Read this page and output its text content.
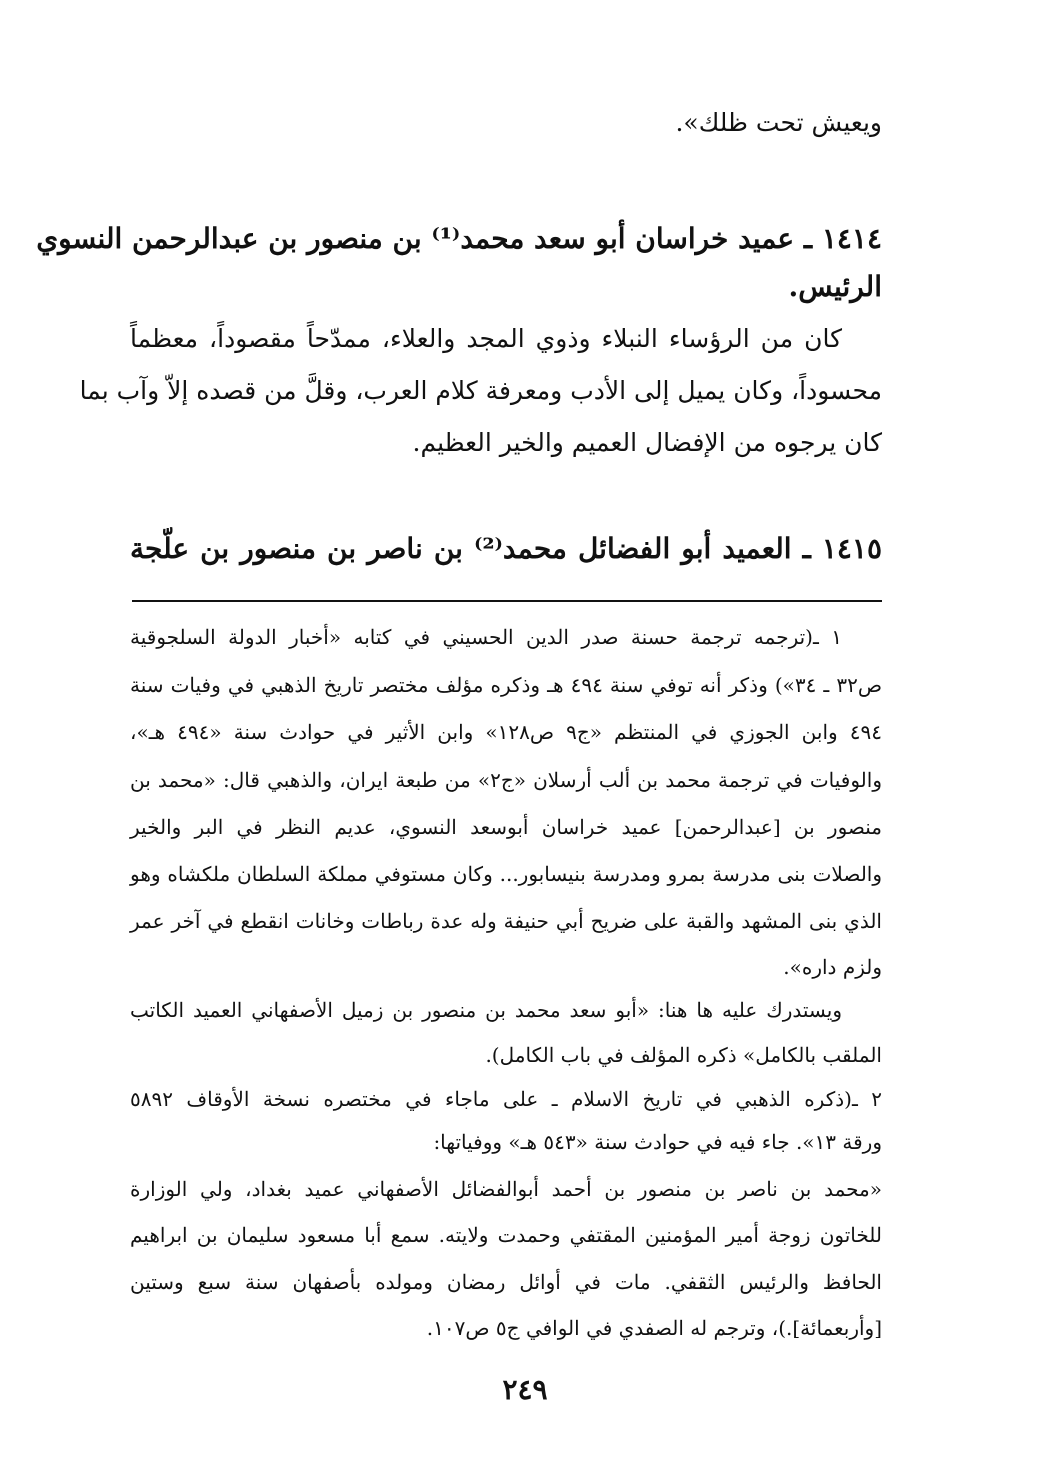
ويعيش تحت ظلك».
١٤١٤ ـ عميد خراسان أبو سعد محمد⁽¹⁾ بن منصور بن عبدالرحمن النسوي
الرئيس.
كان من الرؤساء النبلاء وذوي المجد والعلاء، ممدّحاً مقصوداً، معظماً
محسوداً، وكان يميل إلى الأدب ومعرفة كلام العرب، وقلَّ من قصده إلاّ وآب بما
كان يرجوه من الإفضال العميم والخير العظيم.
١٤١٥ ـ العميد أبو الفضائل محمد⁽²⁾ بن ناصر بن منصور بن علّجة
١ ـ(ترجمه ترجمة حسنة صدر الدين الحسيني في كتابه «أخبار الدولة السلجوقية
ص٣٢ ـ ٣٤») وذكر أنه توفي سنة ٤٩٤ هـ وذكره مؤلف مختصر تاريخ الذهبي في وفيات سنة
٤٩٤ وابن الجوزي في المنتظم «ج٩ ص١٢٨» وابن الأثير في حوادث سنة «٤٩٤ هـ»،
والوفيات في ترجمة محمد بن ألب أرسلان «ج٢» من طبعة ايران، والذهبي قال: «محمد بن
منصور بن [عبدالرحمن] عميد خراسان أبوسعد النسوي، عديم النظر في البر والخير
والصلات بنى مدرسة بمرو ومدرسة بنيسابور... وكان مستوفي مملكة السلطان ملكشاه وهو
الذي بنى المشهد والقبة على ضريح أبي حنيفة وله عدة رباطات وخانات انقطع في آخر عمر
ولزم داره».
ويستدرك عليه ها هنا: «أبو سعد محمد بن منصور بن زميل الأصفهاني العميد الكاتب
الملقب بالكامل» ذكره المؤلف في باب الكامل).
٢ ـ(ذكره الذهبي في تاريخ الاسلام ـ على ماجاء في مختصره نسخة الأوقاف ٥٨٩٢
ورقة ١٣». جاء فيه في حوادث سنة «٥٤٣ هـ» ووفياتها:
«محمد بن ناصر بن منصور بن أحمد أبوالفضائل الأصفهاني عميد بغداد، ولي الوزارة
للخاتون زوجة أمير المؤمنين المقتفي وحمدت ولايته. سمع أبا مسعود سليمان بن ابراهيم
الحافظ والرئيس الثقفي. مات في أوائل رمضان ومولده بأصفهان سنة سبع وستين
[وأربعمائة].)، وترجم له الصفدي في الوافي ج٥ ص١٠٧.
٢٤٩
